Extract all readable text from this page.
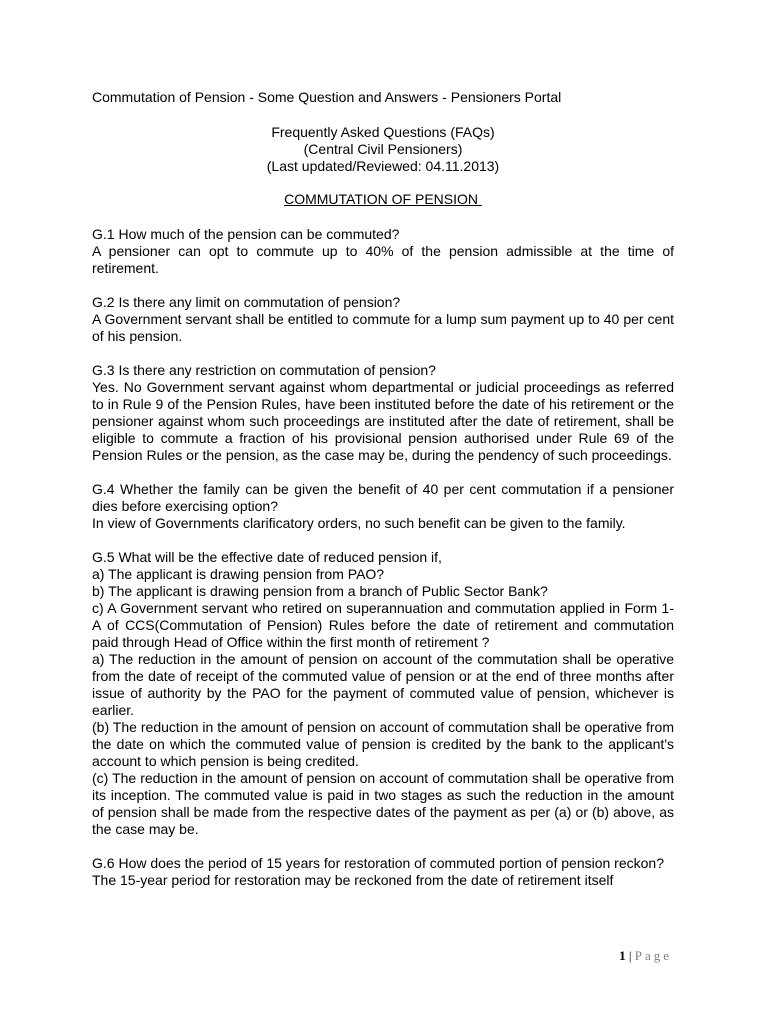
Commutation of Pension - Some Question and Answers - Pensioners Portal

Frequently Asked Questions (FAQs)
(Central Civil Pensioners)
(Last updated/Reviewed: 04.11.2013)

COMMUTATION OF PENSION

G.1 How much of the pension can be commuted?

A pensioner can opt to commute up to 40% of the pension admissible at the time of retirement.

G.2 Is there any limit on commutation of pension?

A Government servant shall be entitled to commute for a lump sum payment up to 40 per cent of his pension.

G.3 Is there any restriction on commutation of pension?

Yes. No Government servant against whom departmental or judicial proceedings as referred to in Rule 9 of the Pension Rules, have been instituted before the date of his retirement or the pensioner against whom such proceedings are instituted after the date of retirement, shall be eligible to commute a fraction of his provisional pension authorised under Rule 69 of the Pension Rules or the pension, as the case may be, during the pendency of such proceedings.

G.4 Whether the family can be given the benefit of 40 per cent commutation if a pensioner dies before exercising option?

In view of Governments clarificatory orders, no such benefit can be given to the family.

G.5 What will be the effective date of reduced pension if,

a) The applicant is drawing pension from PAO?

b) The applicant is drawing pension from a branch of Public Sector Bank?

c) A Government servant who retired on superannuation and commutation applied in Form 1-A of CCS(Commutation of Pension) Rules before the date of retirement and commutation paid through Head of Office within the first month of retirement ?

a) The reduction in the amount of pension on account of the commutation shall be operative from the date of receipt of the commuted value of pension or at the end of three months after issue of authority by the PAO for the payment of commuted value of pension, whichever is earlier.

(b) The reduction in the amount of pension on account of commutation shall be operative from the date on which the commuted value of pension is credited by the bank to the applicant's account to which pension is being credited.

(c) The reduction in the amount of pension on account of commutation shall be operative from its inception. The commuted value is paid in two stages as such the reduction in the amount of pension shall be made from the respective dates of the payment as per (a) or (b) above, as the case may be.

G.6 How does the period of 15 years for restoration of commuted portion of pension reckon?

The 15-year period for restoration may be reckoned from the date of retirement itself

1 | Page
